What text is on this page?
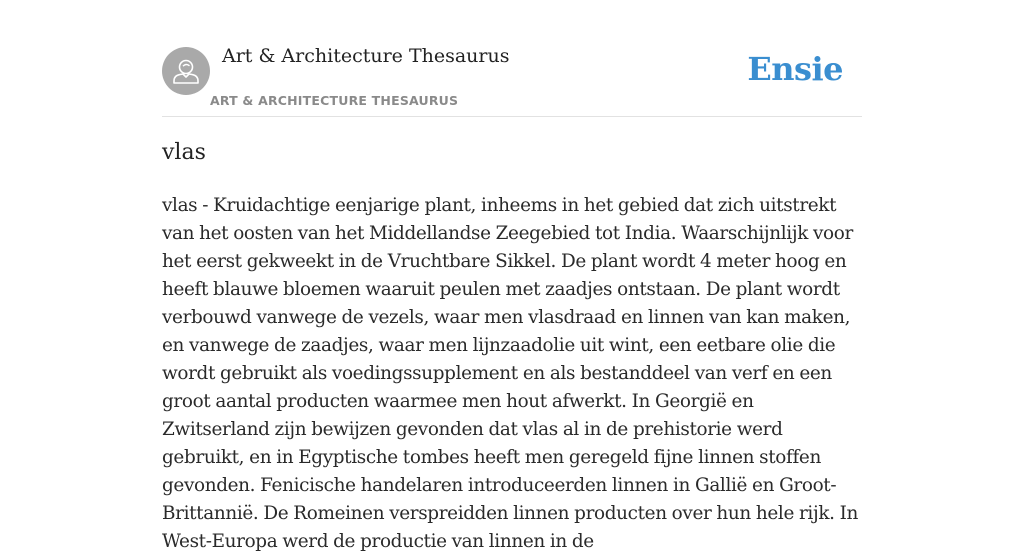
Art & Architecture Thesaurus
ART & ARCHITECTURE THESAURUS
Ensie
vlas

vlas - Kruidachtige eenjarige plant, inheems in het gebied dat zich uitstrekt van het oosten van het Middellandse Zeegebied tot India. Waarschijnlijk voor het eerst gekweekt in de Vruchtbare Sikkel. De plant wordt 4 meter hoog en heeft blauwe bloemen waaruit peulen met zaadjes ontstaan. De plant wordt verbouwd vanwege de vezels, waar men vlasdraad en linnen van kan maken, en vanwege de zaadjes, waar men lijnzaadolie uit wint, een eetbare olie die wordt gebruikt als voedingssupplement en als bestanddeel van verf en een groot aantal producten waarmee men hout afwerkt. In Georgië en Zwitserland zijn bewijzen gevonden dat vlas al in de prehistorie werd gebruikt, en in Egyptische tombes heeft men geregeld fijne linnen stoffen gevonden. Fenicische handelaren introduceerden linnen in Gallië en Groot-Brittannië. De Romeinen verspreidden linnen producten over hun hele rijk. In West-Europa werd de productie van linnen in de
